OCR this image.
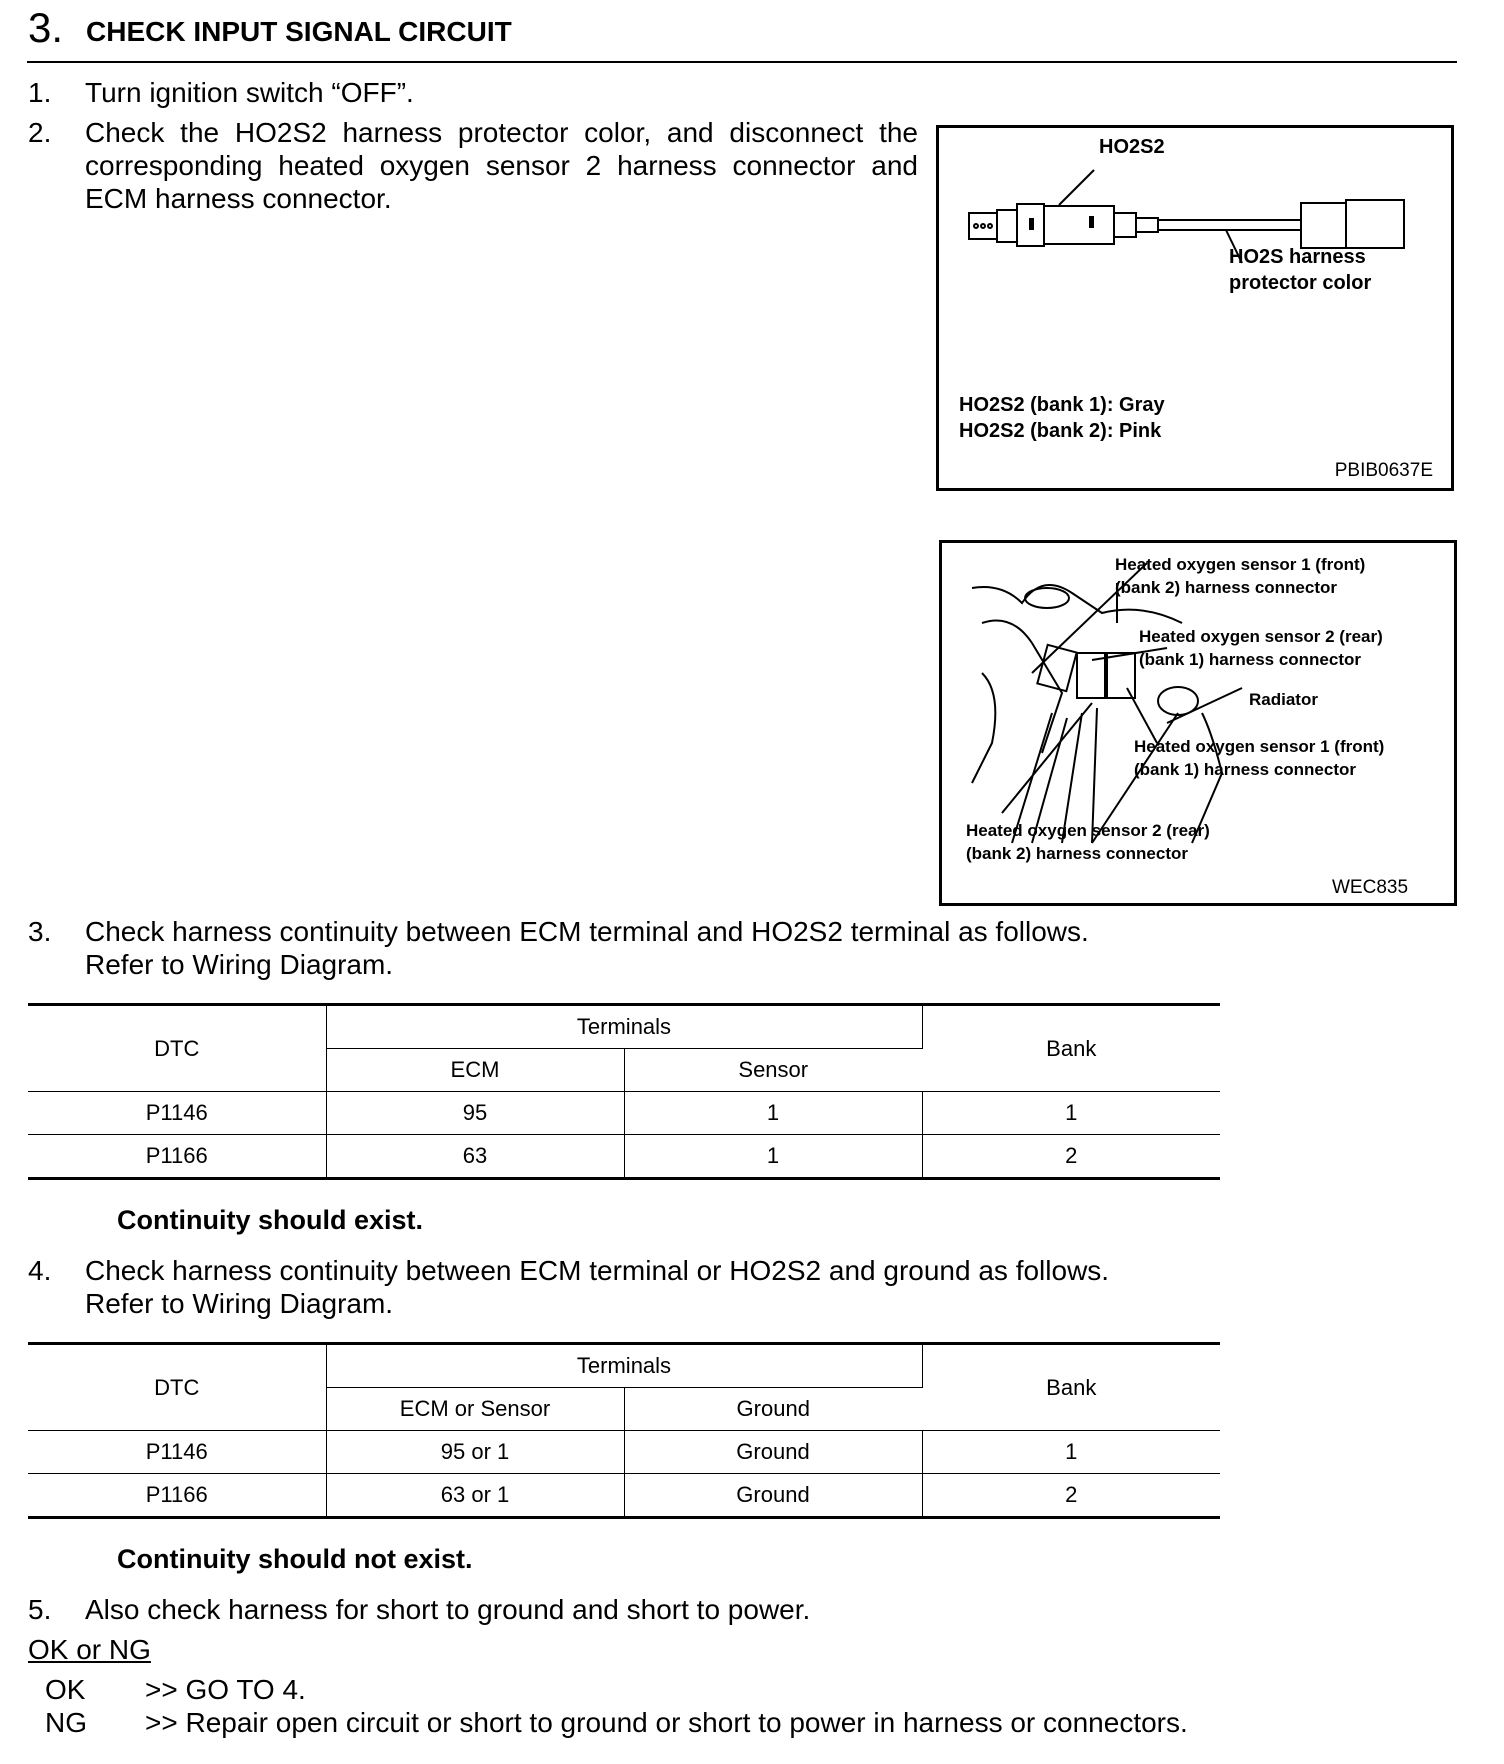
3. CHECK INPUT SIGNAL CIRCUIT
1.	Turn ignition switch “OFF”.
2.	Check the HO2S2 harness protector color, and disconnect the
corresponding heated oxygen sensor 2 harness connector and
ECM harness connector.
HO2S2
HO2S harness
protector color
HO2S2 (bank 1): Gray
HO2S2 (bank 2): Pink
PBIB0637E
Heated oxygen sensor 1 (front)
(bank 2) harness connector
Heated oxygen sensor 2 (rear)
(bank 1) harness connector
Radiator
Heated oxygen sensor 1 (front)
(bank 1) harness connector
Heated oxygen sensor 2 (rear)
(bank 2) harness connector
WEC835
3.	Check harness continuity between ECM terminal and HO2S2 terminal as follows.
Refer to Wiring Diagram.
DTC	Terminals		Bank
	ECM	Sensor	
P1146	95	1	1
P1166	63	1	2
Continuity should exist.
4.	Check harness continuity between ECM terminal or HO2S2 and ground as follows.
Refer to Wiring Diagram.
DTC	Terminals		Bank
	ECM or Sensor	Ground	
P1146	95 or 1	Ground	1
P1166	63 or 1	Ground	2
Continuity should not exist.
5.	Also check harness for short to ground and short to power.
OK or NG
OK >> GO TO 4.
NG >> Repair open circuit or short to ground or short to power in harness or connectors.
